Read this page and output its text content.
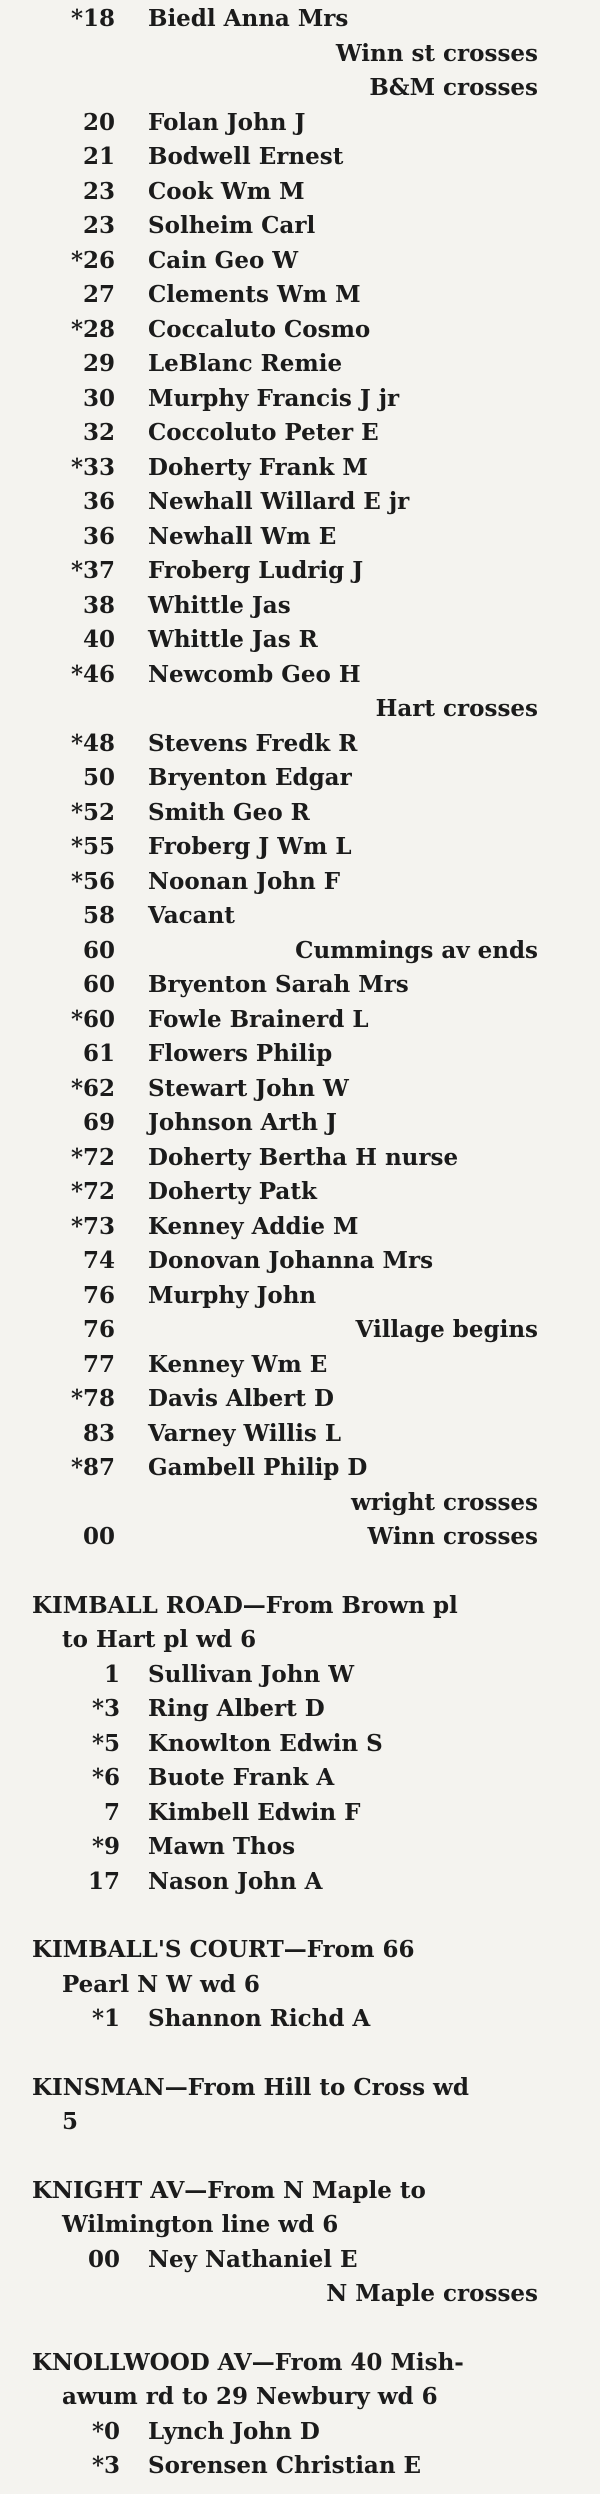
*18 Biedl Anna Mrs
Winn st crosses
B&M crosses
20 Folan John J
21 Bodwell Ernest
23 Cook Wm M
23 Solheim Carl
*26 Cain Geo W
27 Clements Wm M
*28 Coccaluto Cosmo
29 LeBlanc Remie
30 Murphy Francis J jr
32 Coccoluto Peter E
*33 Doherty Frank M
36 Newhall Willard E jr
36 Newhall Wm E
*37 Froberg Ludrig J
38 Whittle Jas
40 Whittle Jas R
*46 Newcomb Geo H
Hart crosses
*48 Stevens Fredk R
50 Bryenton Edgar
*52 Smith Geo R
*55 Froberg J Wm L
*56 Noonan John F
58 Vacant
60	Cummings av ends
60 Bryenton Sarah Mrs
*60 Fowle Brainerd L
61 Flowers Philip
*62 Stewart John W
69 Johnson Arth J
*72 Doherty Bertha H nurse
*72 Doherty Patk
*73 Kenney Addie M
74 Donovan Johanna Mrs
76 Murphy John
76	Village begins
77 Kenney Wm E
*78 Davis Albert D
83 Varney Willis L
*87 Gambell Philip D
wright crosses
00	Winn crosses
KIMBALL ROAD—From Brown pl
to Hart pl wd 6
1 Sullivan John W
*3 Ring Albert D
*5 Knowlton Edwin S
*6 Buote Frank A
7 Kimbell Edwin F
*9 Mawn Thos
17 Nason John A
KIMBALL'S COURT—From 66
Pearl N W wd 6
*1 Shannon Richd A
KINSMAN—From Hill to Cross wd
5
KNIGHT AV—From N Maple to
Wilmington line wd 6
00 Ney Nathaniel E
N Maple crosses
KNOLLWOOD AV—From 40 Mish-
awum rd to 29 Newbury wd 6
*0 Lynch John D
*3 Sorensen Christian E
